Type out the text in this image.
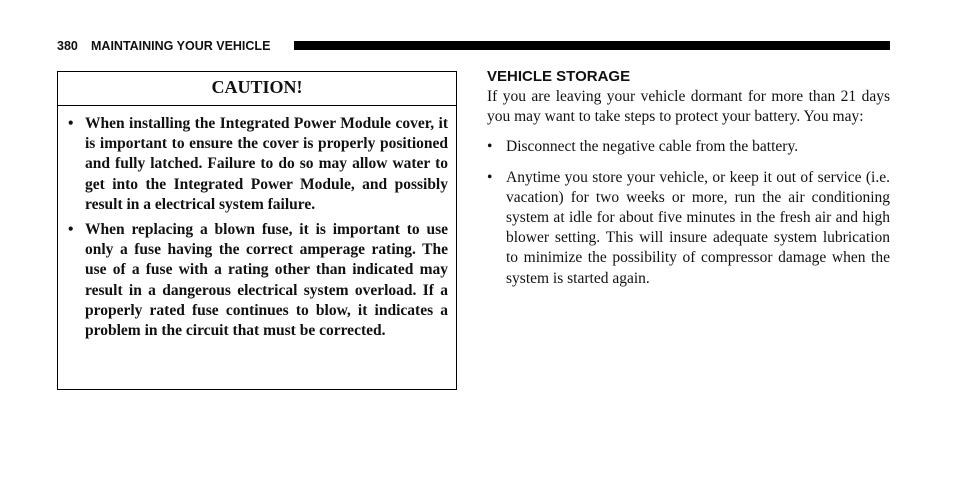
380 MAINTAINING YOUR VEHICLE
CAUTION!
• When installing the Integrated Power Module cover, it is important to ensure the cover is properly positioned and fully latched. Failure to do so may allow water to get into the Integrated Power Module, and possibly result in a electrical system failure.
• When replacing a blown fuse, it is important to use only a fuse having the correct amperage rating. The use of a fuse with a rating other than indicated may result in a dangerous electrical system overload. If a properly rated fuse continues to blow, it indicates a problem in the circuit that must be corrected.
VEHICLE STORAGE

If you are leaving your vehicle dormant for more than 21 days you may want to take steps to protect your battery. You may:

• Disconnect the negative cable from the battery.
• Anytime you store your vehicle, or keep it out of service (i.e. vacation) for two weeks or more, run the air conditioning system at idle for about five minutes in the fresh air and high blower setting. This will insure adequate system lubrication to minimize the possibility of compressor damage when the system is started again.
